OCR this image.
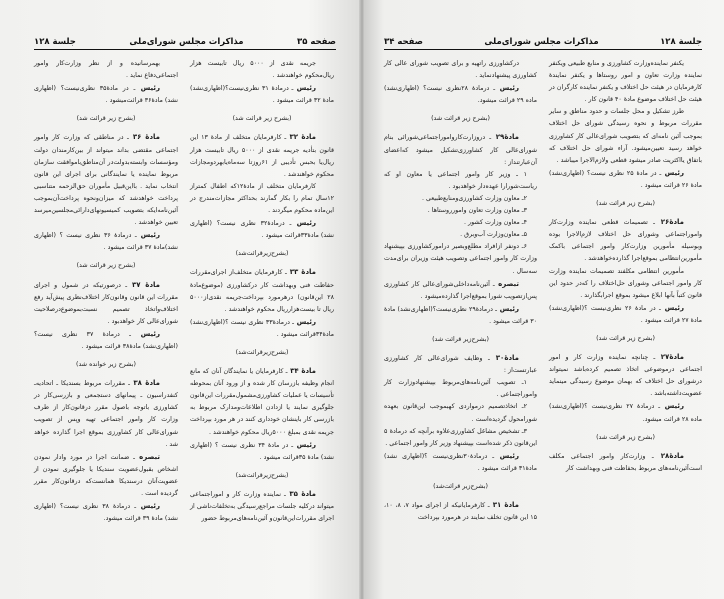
صفحه ۳۵
مذاکرات مجلس شورای‌ملی
جلسة ۱۲۸

جریمه نقدی از ۵۰۰۰ ریال تابیست هزار ریال‌محکوم خواهندشد .

رئیس ـ درمادهٔ ۳۱ نظری‌نیست؟(اظهاری‌نشد) مادهٔ ۳۲ قرائت میشود .

(بشرح زیر قرائت شد)

مادهٔ ۳۲ ـ کارفرمایان متخلف از مادهٔ ۱۳ این قانون بتأدیه جریمه نقدی از ۵۰۰۰ ریال تابیست هزار ریال‌یا بحبس تأدیبی از ۶۱روزتا سه‌ماه‌یابهردومجازات محکوم خواهندشد .

کارفرمایان متخلف از مادهٔ۱۲که اطفال کمتراز ۱۲سال تمام را بکار گمارند بحداکثر مجازات‌مندرج در این‌ماده محکوم میگردند .

رئیس ـ درمادهٔ۳۲ نظری نیست؟ (اظهاری نشد) مادهٔ۳۳قرائت میشود .

(بشرح‌زیرقرائت‌شد)

مادهٔ ۳۳ ـ کارفرمایان متخلف‌از اجرای‌مقررات حفاظت فنی وبهداشت کار درکشاورزی (موضوع‌مادهٔ ۲۸ این‌قانون) درهرمورد بپرداخت‌جریمه نقدی‌از۵۰۰۰ ریال تا بیست‌هزارریال محکوم خواهندشد .

رئیس ـ درمادهٔ۳۳ نظری نیست ؟(اظهاری‌نشد) مادهٔ۳۴قرائت میشود .

(بشرح‌زیرقرائت‌شد)

مادهٔ ۳۴ ـ کارفرمایان یا نمایندگان آنان که مانع انجام وظیفه بازرسان کار شده و از ورود آنان بمحوطه تأسیسات یا عملیات کشاورزی‌مشمول‌مقررات این‌قانون جلوگیری نمایند یا ازدادن اطلاعات‌ومدارک مربوط به بازرسی کار باینشان خودداری کنند در هر مورد بپرداخت جریمه نقدی بمبلغ ۵۰۰۰ریال محکوم خواهندشد .

رئیس ـ در مادهٔ ۳۴ نظری نیست ؟ (اظهاری نشد) مادهٔ ۳۵قرائت میشود .

(بشرح‌زیرقرائت‌شد)

مادهٔ ۳۵ ـ نماینده وزارت کار و اموراجتماعی میتواند درکلیه جلسات مراجع‌رسیدگی به‌تخلفات‌ناشی از اجرای مقررات‌این‌قانون‌و آئین‌نامه‌های‌مربوط حضور

بهمرسانیده و از نظر وزارت‌کار وامور اجتماعی‌دفاع نماید .

رئیس ـ در مادهٔ۳۵ نظری‌نیست؟ (اظهاری نشد) مادهٔ۳۶ قرائت‌میشود .

(بشرح زیر قرائت شد)

مادهٔ ۳۶ ـ در مناطقی که وزارت کار وامور اجتماعی مقتضی بداند میتواند از بین‌کارمندان دولت ومؤسسات وابسته‌بدولت‌در آن‌مناطق‌باموافقت سازمان مربوط نماینده یا نمایندگانی برای اجرای این قانون انتخاب نماید . بااین‌قبیل مأموران حق‌الزحمه متناسبی پرداخت خواهدشد که میزان‌ونحوه پرداخت‌آن‌بموجب آئین‌نامه‌ایکه بتصویب کمیسیونهای‌دارائی‌مجلسین‌میرسد تعیین خواهدشد .

رئیس ـ درمادهٔ ۳۶ نظری نیست ؟ (اظهاری نشد)مادهٔ ۳۷ قرائت میشود .

(بشرح زیر قرائت شد)

مادهٔ ۳۷ ـ درصورتیکه در شمول و اجرای مقررات این قانون وقانون‌کار اختلاف‌نظری پیش‌آید رفع اختلاف‌واتخاذ تصمیم نسبت‌بموضوع‌درصلاحیت شورای‌عالی کار خواهدبود .

رئیس ـ درمادهٔ ۳۷ نظری نیست؟ (اظهاری‌نشد) مادهٔ۳۸ قرائت میشود .

(بشرح زیر خوانده شد)

مادهٔ ۳۸ ـ مقررات مربوط بسندیکا ـ اتحادیه‌ـ کنفدراسیون ـ پیمانهای دستجمعی و بازرسی‌کار در کشاورزی باتوجه باصول مقرر درقانون‌کار از طرف وزارت کار وامور اجتماعی تهیه وپس از تصویب شورای‌عالی کار کشاورزی بموقع اجرا گذارده خواهد شد .

تبصره ـ ضمانت اجرا در مورد وادار نمودن اشخاص بقبول‌عضویت سندیکا یا جلوگیری نمودن از عضویت‌آنان درسندیکا همانست‌که درقانون‌کار مقرر گردیده است .

رئیس ـ درمادهٔ ۳۸ نظری نیست؟ (اظهاری نشد) مادهٔ ۳۹ قرائت میشود.

جلسة ۱۲۸
مذاکرات مجلس شورای‌ملی
صفحه ۳۴

یکنفر نماینده‌وزارت کشاورزی و منابع طبیعی ویکنفر نماینده وزارت تعاون و امور روستاها و یکنفر نمایندهٔ کارفرمایان در هیئت حل اختلاف و یکنفر نماینده کارگران در هیئت حل اختلاف موضوع مادهٔ ۴۰ قانون کار .

طرز تشکیل و محل جلسات و حدود مناطق و سایر مقررات مربوط و نحوه رسیدگی شورای حل اختلاف بموجب آئین نامه‌ای که بتصویب شورای‌عالی کار کشاورزی خواهد رسید تعیین‌میشود. آراء شورای حل اختلاف که باتفاق یااکثریت صادر میشود قطعی ولازم‌الاجرا میباشد .

رئیس ـ در مادهٔ ۲۵ نظری نیست؟ (اظهاری‌نشد) مادهٔ ۲۶ قرائت میشود .

(بشرح زیر قرائت شد)

مادهٔ۲۶ ـ تصمیمات قطعی نماینده وزارت‌کار واموراجتماعی وشورای حل اختلاف لازم‌الاجرا بوده وبوسیله مأمورین وزارت‌کار وامور اجتماعی باکمک مأمورین‌انتظامی بموقع‌اجرا گذارده‌خواهدشد .

مأمورین انتظامی مکلفند تصمیمات نماینده وزارت کار وامور اجتماعی وشورای حل‌اختلاف را که‌در حدود این قانون کتباً بآنها ابلاغ میشود بموقع اجرابگذارند .

رئیس ـ در مادهٔ ۲۶ نظری‌نیست ؟(اظهاری‌نشد) مادهٔ ۲۷ قرائت میشود .

(بشرح زیر قرائت شد)

مادهٔ۲۷ ـ چنانچه نماینده وزارت کار و امور اجتماعی درموضوعی اتخاذ تصمیم کرده‌باشد نمیتواند درشورای حل اختلاف که بهمان موضوع رسیدگی مینماید عضویت‌داشته‌باشد .

رئیس ـ درمادهٔ ۲۷ نظری‌نیست ؟(اظهاری‌نشد) ماده ۲۸ قرائت میشود.

(بشرح زیر قرائت شد)

مادهٔ۲۸ ـ وزارت‌کار وامور اجتماعی مکلف است‌آئین‌نامه‌های مربوط بحفاظت فنی وبهداشت کار

درکشاورزی راتهیه و برای تصویب شورای عالی کار کشاورزی پیشنهادنماید .

رئیس ـ درمادهٔ ۲۸نظری نیست؟ (اظهاری‌نشد) ماده ۲۹ قرائت میشود.

(بشرح زیر قرائت شد)

مادهٔ۲۹ ـ دروزارت‌کاروامور‌اجتماعی‌شورائی بنام شورای‌عالی کار کشاورزی‌تشکیل میشود که‌اعضای آن‌عبارتنداز :

۱ ـ وزیر کار وامور اجتماعی یا معاون او که ریاست‌شورارا عهده‌دار خواهدبود .

۲ـ معاون وزارت کشاورزی‌ومنابع‌طبیعی .

۳ـ معاون وزارت تعاون وامورروستاها .

۴ـ معاون وزارت کشور .

۵ـ معاون‌وزارت آب‌وبرق .

۶ـ دونفر ازافراد مطلع‌وبصیر درامورکشاورزی بپیشنهاد وزارت کار وامور اجتماعی وتصویب هیئت وزیران برای‌مدت سه‌سال .

تبصره ـ آئین‌نامه‌داخلی‌شورای‌عالی کار کشاورزی پس‌ازتصویب شورا بموقع‌اجرا گذارده‌میشود .

رئیس ـ درمادهٔ۲۹ نظری‌نیست؟(اظهاری‌نشد) مادهٔ ۳۰ قرائت میشود .

(بشرح‌زیر قرائت شد)

مادهٔ۳۰ ـ وظایف شورای‌عالی کار کشاورزی عبارتست‌از :

۱ـ تصویب آئین‌نامه‌های‌مربوط بپیشنهادوزارت کار وامور‌اجتماعی .

۲ـ اتخاذتصمیم درمواردی کهبموجب این‌قانون بعهده شورامحول گردیده‌است .

۳ـ تشخیص مشاغل کشاورزی‌علاوه برآنچه که درمادهٔ ۵ این‌قانون ذکر شده‌است بپیشنهاد وزیر کار وامور اجتماعی .

رئیس ـ درمادهٔ۳۰نظری‌نیست ؟(اظهاری نشد) مادهٔ۳۱ قرائت میشود .

(بشرح‌زیر قرائت‌شد)

مادهٔ ۳۱ ـ کارفرمایانیکه از اجرای مواد ۷، ۸، ۱۰، ۱۵ این قانون تخلف نمایند در هرمورد بپرداخت
